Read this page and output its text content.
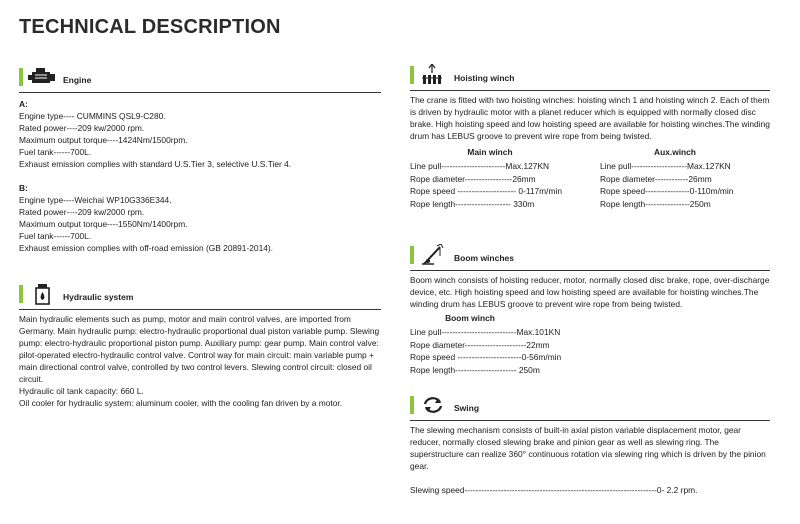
TECHNICAL DESCRIPTION
Engine

A:

Engine type---- CUMMINS QSL9-C280.

Rated power----209 kw/2000 rpm.

Maximum output torque----1424Nm/1500rpm.

Fuel tank------700L.

Exhaust emission complies with standard U.S.Tier 3, selective U.S.Tier 4.

B:

Engine type----Weichai WP10G336E344.

Rated power----209 kw/2000 rpm.

Maximum output torque----1550Nm/1400rpm.

Fuel tank------700L.

Exhaust emission complies with off-road emission (GB 20891-2014).

Hydraulic system

Main hydraulic elements such as pump, motor and main control valves, are imported from Germany. Main hydraulic pump: electro-hydraulic proportional dual piston variable pump. Slewing pump: electro-hydraulic proportional piston pump. Auxiliary pump: gear pump. Main control valve: pilot-operated electro-hydraulic control valve. Control way for main circuit: main variable pump + main directional control valve, controlled by two control levers. Slewing control circuit: closed oil circuit.
Hydraulic oil tank capacity: 660 L.
Oil cooler for hydraulic system: aluminum cooler, with the cooling fan driven by a motor.

Hoisting winch

The crane is fitted with two hoisting winches: hoisting winch 1 and hoisting winch 2. Each of them is driven by hydraulic motor with a planet reducer which is equipped with normally closed disc brake. High hoisting speed and low hoisting speed are available for hoisting winches.The winding drum has LEBUS groove to prevent wire rope from being twisted.

Main winch
Line pull-----------------------Max.127KN
Rope diameter-----------------26mm
Rope speed --------------------- 0-117m/min
Rope length-------------------- 330m
Aux.winch
Line pull--------------------Max.127KN
Rope diameter------------26mm
Rope speed----------------0-110m/min
Rope length----------------250m
Boom winches

Boom winch consists of hoisting reducer, motor, normally closed disc brake, rope, over-discharge device, etc. High hoisting speed and low hoisting speed are available for hoisting winches.The winding drum has LEBUS groove to prevent wire rope from being twisted.

Boom winch
Line pull---------------------------Max.101KN
Rope diameter----------------------22mm
Rope speed -----------------------0-56m/min
Rope length---------------------- 250m
Swing

The slewing mechanism consists of built-in axial piston variable displacement motor, gear reducer, normally closed slewing brake and pinion gear as well as slewing ring. The superstructure can realize 360° continuous rotation via slewing ring which is driven by the pinion gear.

Slewing speed---------------------------------------------------------------------0- 2.2 rpm.
